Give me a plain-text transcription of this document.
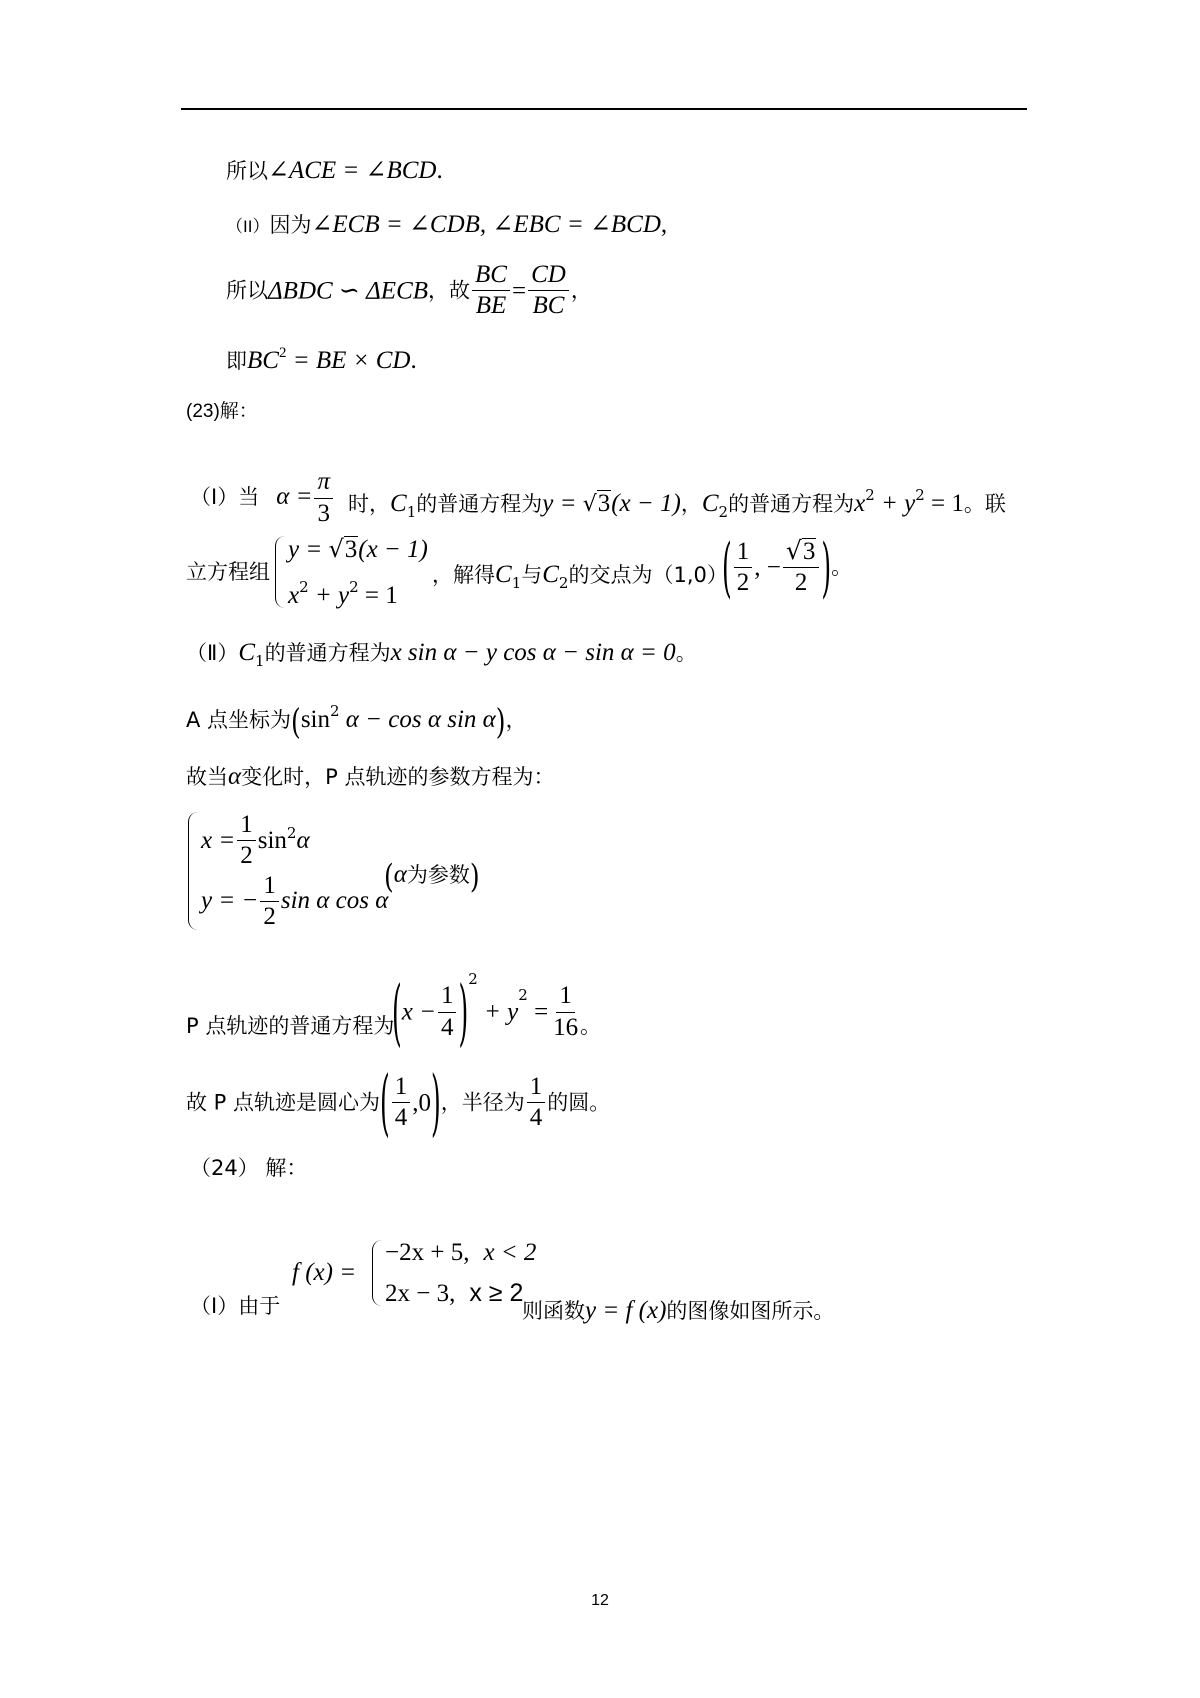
所以∠ACE = ∠BCD.
（II）因为∠ECB = ∠CDB, ∠EBC = ∠BCD,
所以ΔBDC ∽ ΔECB，故 $\frac{BC}{BE} = \frac{CD}{BC}$ ，
即$BC^2$ = BE × CD.
(23)解：
（Ⅰ）当 $\alpha = \frac{\pi}{3}$ 时，$C_1$的普通方程为y = √3(x − 1)，$C_2$的普通方程为$x^2 + y^2 = 1$。联
立方程组
y = √3(x − 1)
$x^2 + y^2 = 1$
，解得$C_1$与$C_2$的交点为（1,0）
( $\frac{1}{2}$ , − $\frac{√3}{2}$ )。
$(Ⅱ)C_1$的普通方程为x sin α − y cos α − sin α = 0。
A 点坐标为($\sin^2$ α − cos α sin α)，
故当α变化时，P 点轨迹的参数方程为：
$x = \frac{1}{2}$ sin 2 α
y = − $\frac{1}{2}$ sin α cos α
(α为参数)
P 点轨迹的普通方程为
$(x - \frac{1}{4} )^2 + y^2 = \frac{1}{16}$
。
故 P 点轨迹是圆心为( $\frac{1}{4} ,0$)，半径为 $\frac{1}{4}$ 的圆。
（24） 解：
（Ⅰ）由于
f (x) =
−2x + 5, x < 2
2x − 3, x ≥ 2
则函数y = f (x)的图像如图所示。
12
